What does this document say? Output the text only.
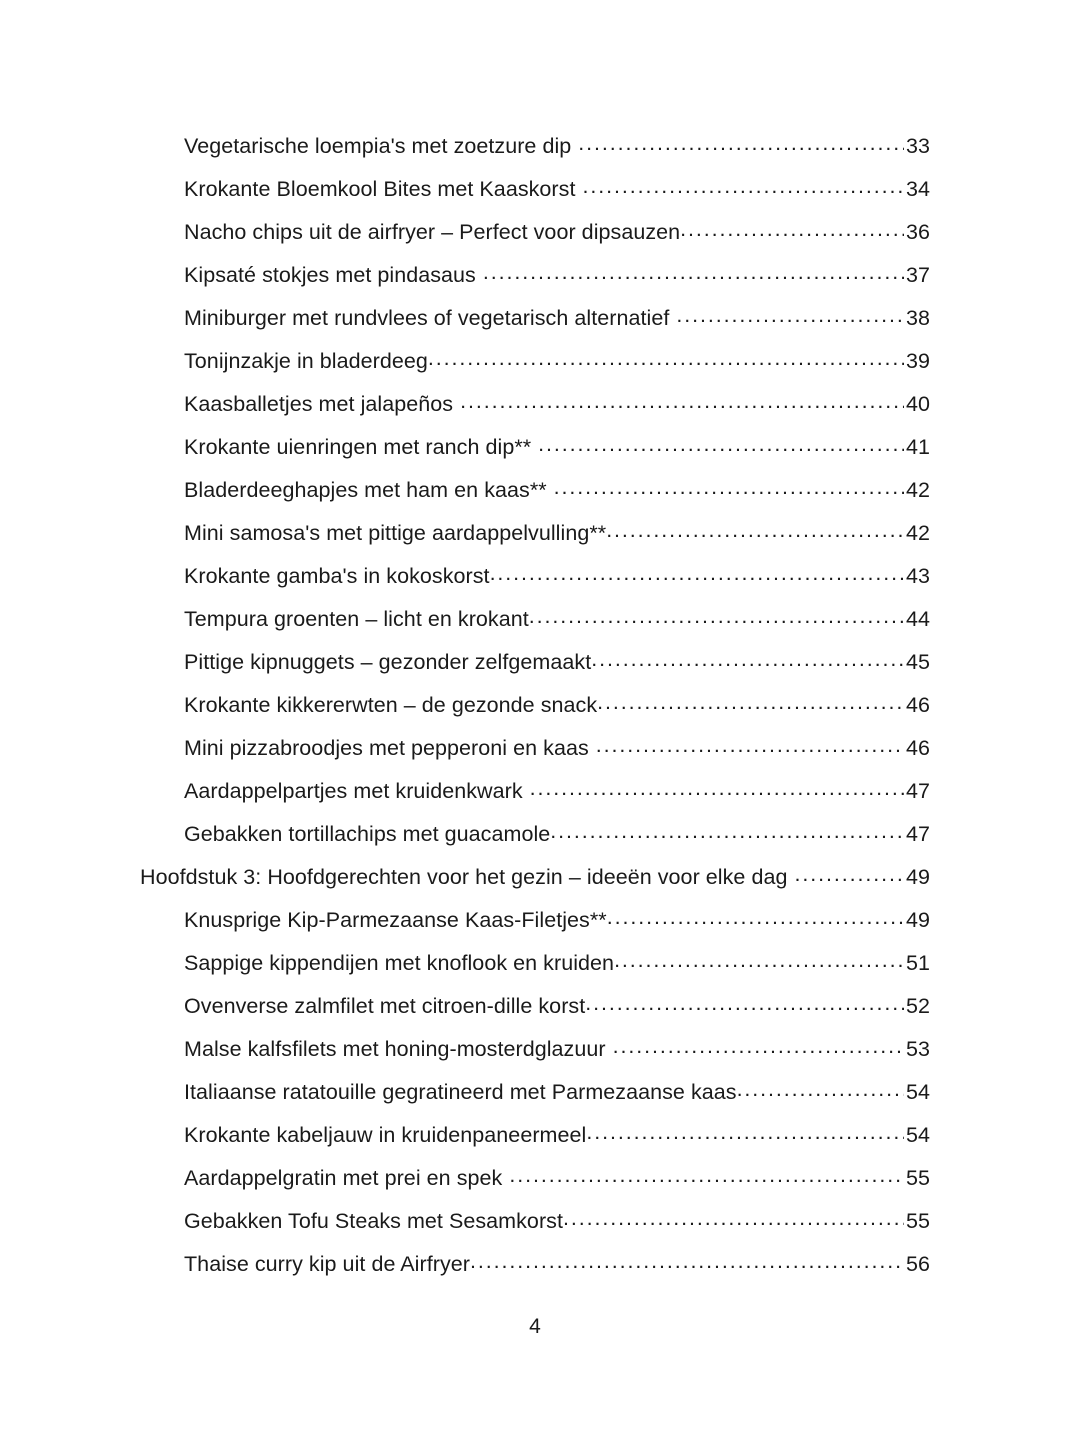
Vegetarische loempia's met zoetzure dip .....	33
Krokante Bloemkool Bites met Kaaskorst .....	34
Nacho chips uit de airfryer – Perfect voor dipsauzen .....	36
Kipsaté stokjes met pindasaus .....	37
Miniburger met rundvlees of vegetarisch alternatief .....	38
Tonijnzakje in bladerdeeg .....	39
Kaasballetjes met jalapeños .....	40
Krokante uienringen met ranch dip** .....	41
Bladerdeeghapjes met ham en kaas** .....	42
Mini samosa's met pittige aardappelvulling** .....	42
Krokante gamba's in kokoskorst .....	43
Tempura groenten – licht en krokant .....	44
Pittige kipnuggets – gezonder zelfgemaakt .....	45
Krokante kikkererwten – de gezonde snack .....	46
Mini pizzabroodjes met pepperoni en kaas .....	46
Aardappelpartjes met kruidenkwark .....	47
Gebakken tortillachips met guacamole .....	47
Hoofdstuk 3: Hoofdgerechten voor het gezin – ideeën voor elke dag .....	49
Knusprige Kip-Parmezaanse Kaas-Filetjes** .....	49
Sappige kippendijen met knoflook en kruiden .....	51
Ovenverse zalmfilet met citroen-dille korst .....	52
Malse kalfsfilets met honing-mosterdglazuur .....	53
Italiaanse ratatouille gegratineerd met Parmezaanse kaas .....	54
Krokante kabeljauw in kruidenpaneermeel .....	54
Aardappelgratin met prei en spek .....	55
Gebakken Tofu Steaks met Sesamkorst .....	55
Thaise curry kip uit de Airfryer .....	56
4
